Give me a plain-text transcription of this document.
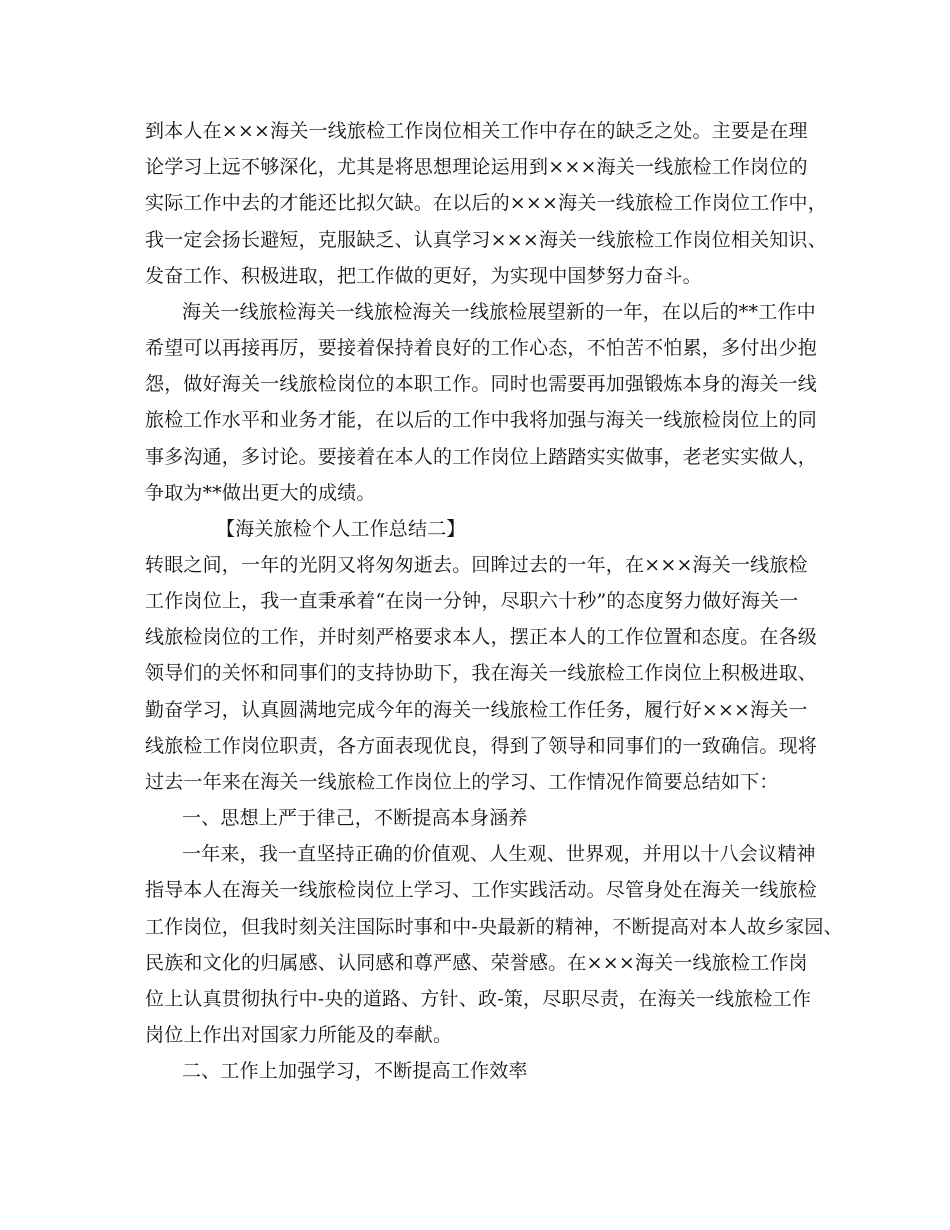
到本人在×××海关一线旅检工作岗位相关工作中存在的缺乏之处。主要是在理
论学习上远不够深化，尤其是将思想理论运用到×××海关一线旅检工作岗位的
实际工作中去的才能还比拟欠缺。在以后的×××海关一线旅检工作岗位工作中，
我一定会扬长避短，克服缺乏、认真学习×××海关一线旅检工作岗位相关知识、
发奋工作、积极进取，把工作做的更好，为实现中国梦努力奋斗。
海关一线旅检海关一线旅检海关一线旅检展望新的一年，在以后的**工作中
希望可以再接再厉，要接着保持着良好的工作心态，不怕苦不怕累，多付出少抱
怨，做好海关一线旅检岗位的本职工作。同时也需要再加强锻炼本身的海关一线
旅检工作水平和业务才能，在以后的工作中我将加强与海关一线旅检岗位上的同
事多沟通，多讨论。要接着在本人的工作岗位上踏踏实实做事，老老实实做人，
争取为**做出更大的成绩。
【海关旅检个人工作总结二】
转眼之间，一年的光阴又将匆匆逝去。回眸过去的一年，在×××海关一线旅检
工作岗位上，我一直秉承着“在岗一分钟，尽职六十秒”的态度努力做好海关一
线旅检岗位的工作，并时刻严格要求本人，摆正本人的工作位置和态度。在各级
领导们的关怀和同事们的支持协助下，我在海关一线旅检工作岗位上积极进取、
勤奋学习，认真圆满地完成今年的海关一线旅检工作任务，履行好×××海关一
线旅检工作岗位职责，各方面表现优良，得到了领导和同事们的一致确信。现将
过去一年来在海关一线旅检工作岗位上的学习、工作情况作简要总结如下：
一、思想上严于律己，不断提高本身涵养
一年来，我一直坚持正确的价值观、人生观、世界观，并用以十八会议精神
指导本人在海关一线旅检岗位上学习、工作实践活动。尽管身处在海关一线旅检
工作岗位，但我时刻关注国际时事和中-央最新的精神，不断提高对本人故乡家园、
民族和文化的归属感、认同感和尊严感、荣誉感。在×××海关一线旅检工作岗
位上认真贯彻执行中-央的道路、方针、政-策，尽职尽责，在海关一线旅检工作
岗位上作出对国家力所能及的奉献。
二、工作上加强学习，不断提高工作效率
